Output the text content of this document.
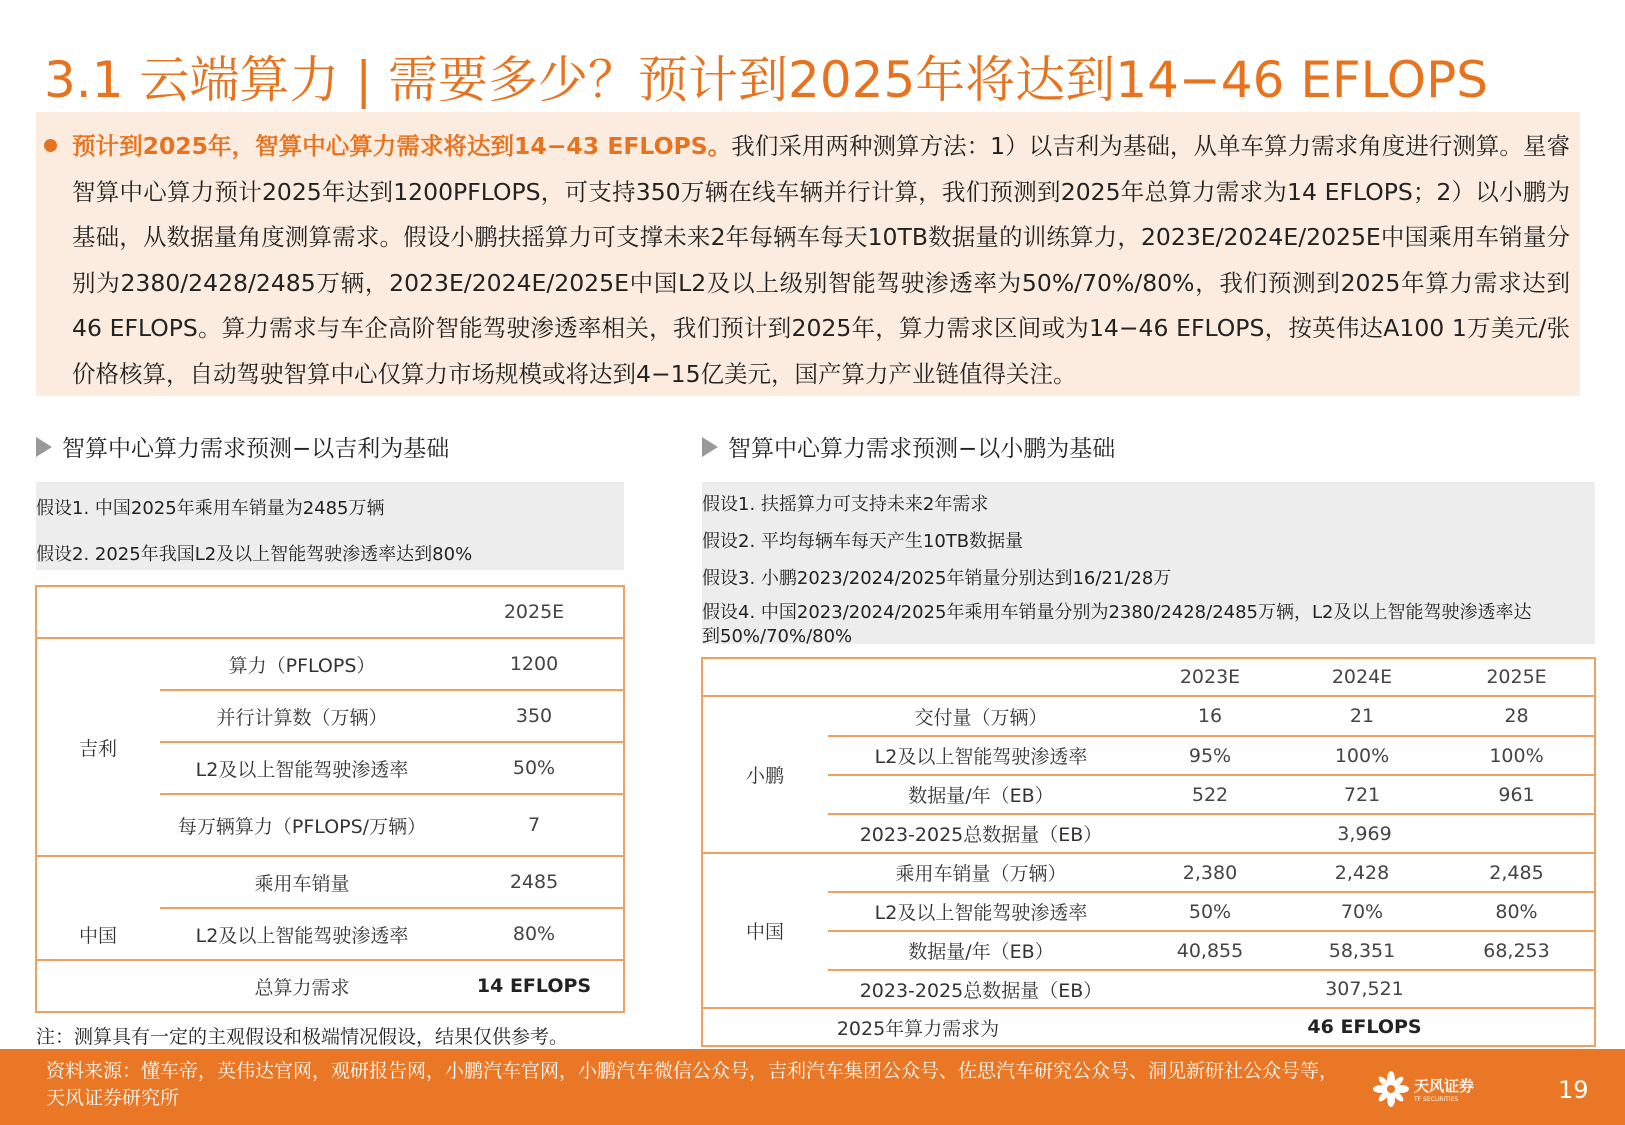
3.1 云端算力 | 需要多少？预计到2025年将达到14−46 EFLOPS
预计到2025年，智算中心算力需求将达到14−43 EFLOPS。我们采用两种测算方法：1）以吉利为基础，从单车算力需求角度进行测算。星睿智算中心算力预计2025年达到1200PFLOPS，可支持350万辆在线车辆并行计算，我们预测到2025年总算力需求为14 EFLOPS；2）以小鹏为基础，从数据量角度测算需求。假设小鹏扶摇算力可支撑未来2年每辆车每天10TB数据量的训练算力，2023E/2024E/2025E中国乘用车销量分别为2380/2428/2485万辆，2023E/2024E/2025E中国L2及以上级别智能驾驶渗透率为50%/70%/80%，我们预测到2025年算力需求达到46 EFLOPS。算力需求与车企高阶智能驾驶渗透率相关，我们预计到2025年，算力需求区间或为14−46 EFLOPS，按英伟达A100 1万美元/张价格核算，自动驾驶智算中心仅算力市场规模或将达到4−15亿美元，国产算力产业链值得关注。
智算中心算力需求预测−以吉利为基础
假设1. 中国2025年乘用车销量为2485万辆
假设2. 2025年我国L2及以上智能驾驶渗透率达到80%
		2025E
吉利	算力（PFLOPS）	1200
	并行计算数（万辆）	350
	L2及以上智能驾驶渗透率	50%
	每万辆算力（PFLOPS/万辆）	7
中国	乘用车销量	2485
	L2及以上智能驾驶渗透率	80%
	总算力需求	14 EFLOPS
注：测算具有一定的主观假设和极端情况假设，结果仅供参考。
智算中心算力需求预测−以小鹏为基础
假设1. 扶摇算力可支持未来2年需求
假设2. 平均每辆车每天产生10TB数据量
假设3. 小鹏2023/2024/2025年销量分别达到16/21/28万
假设4. 中国2023/2024/2025年乘用车销量分别为2380/2428/2485万辆，L2及以上智能驾驶渗透率达
到50%/70%/80%
		2023E	2024E	2025E
小鹏	交付量（万辆）	16	21	28
	L2及以上智能驾驶渗透率	95%	100%	100%
	数据量/年（EB）	522	721	961
	2023-2025总数据量（EB）	3,969		
中国	乘用车销量（万辆）	2,380	2,428	2,485
	L2及以上智能驾驶渗透率	50%	70%	80%
	数据量/年（EB）	40,855	58,351	68,253
	2023-2025总数据量（EB）	307,521		
2025年算力需求为		46 EFLOPS		
资料来源：懂车帝，英伟达官网，观研报告网，小鹏汽车官网，小鹏汽车微信公众号，吉利汽车集团公众号、佐思汽车研究公众号、洞见新研社公众号等，天风证券研究所
天风证券
TF SECURITIES	19
